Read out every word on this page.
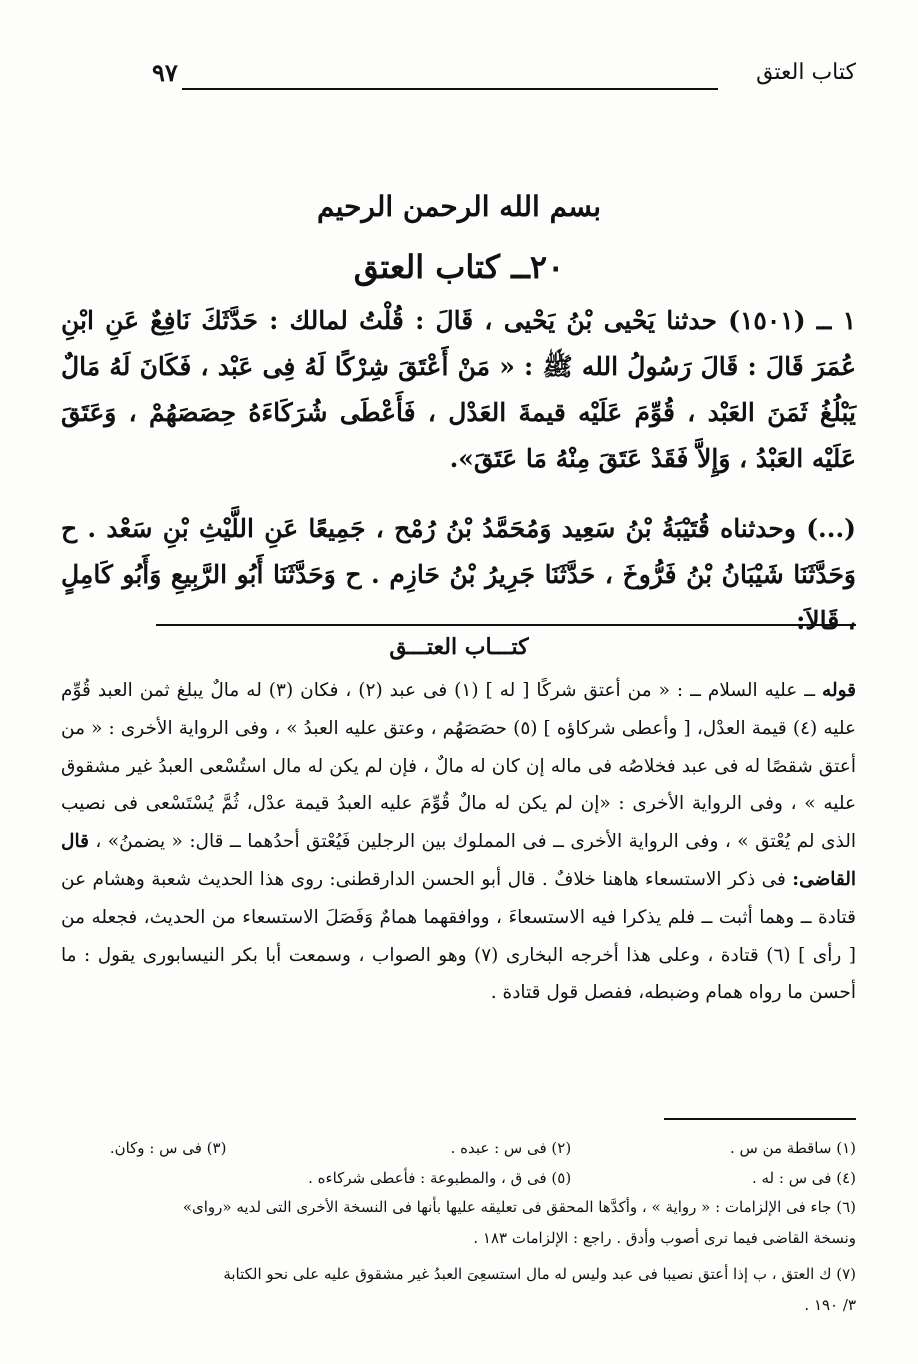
كتاب العتق
٩٧
بسم الله الرحمن الرحيم
٢٠ــ كتاب العتق
١ ــ (١٥٠١) حدثنا يَحْيى بْنُ يَحْيى ، قَالَ : قُلْتُ لمالك : حَدَّثَكَ نَافِعٌ عَنِ ابْنِ عُمَرَ قَالَ : قَالَ رَسُولُ الله ﷺ : « مَنْ أَعْتَقَ شِرْكًا لَهُ فِى عَبْد ، فَكَانَ لَهُ مَالٌ يَبْلُغُ ثَمَنَ العَبْد ، قُوِّمَ عَلَيْه قيمةَ العَدْل ، فَأَعْطَى شُرَكَاءَهُ حِصَصَهُمْ ، وَعَتَقَ عَلَيْه العَبْدُ ، وَإِلاَّ فَقَدْ عَتَقَ مِنْهُ مَا عَتَقَ».
(...) وحدثناه قُتَيْبَةُ بْنُ سَعِيد وَمُحَمَّدُ بْنُ رُمْح ، جَمِيعًا عَنِ اللَّيْثِ بْنِ سَعْد . ح وَحَدَّثَنَا شَيْبَانُ بْنُ فَرُّوخَ ، حَدَّثَنَا جَرِيرُ بْنُ حَازِم . ح وَحَدَّثَنَا أَبُو الرَّبِيعِ وَأَبُو كَامِلٍ ، قَالاَ:
كتـــاب العتـــق
قوله ــ عليه السلام ــ : « من أعتق شركًا [ له ] (١) فى عبد (٢) ، فكان (٣) له مالٌ يبلغ ثمن العبد قُوِّم عليه (٤) قيمة العدْل، [ وأعطى شركاؤه ] (٥) حصَصَهُم ، وعتق عليه العبدُ » ، وفى الرواية الأخرى : « من أعتق شقصًا له فى عبد فخلاصُه فى ماله إن كان له مالٌ ، فإن لم يكن له مال استُسْعى العبدُ غير مشقوق عليه » ، وفى الرواية الأخرى : «إن لم يكن له مالٌ قُوِّمَ عليه العبدُ قيمة عدْل، ثُمَّ يُسْتَسْعى فى نصيب الذى لم يُعْتق » ، وفى الرواية الأخرى ــ فى المملوك بين الرجلين فَيُعْتق أحدُهما ــ قال: « يضمنُ» ، قال القاضى: فى ذكر الاستسعاء هاهنا خلافٌ . قال أبو الحسن الدارقطنى: روى هذا الحديث شعبة وهشام عن قتادة ــ وهما أثبت ــ فلم يذكرا فيه الاستسعاءَ ، ووافقهما همامٌ وَفَصَلَ الاستسعاء من الحديث، فجعله من [ رأى ] (٦) قتادة ، وعلى هذا أخرجه البخارى (٧) وهو الصواب ، وسمعت أبا بكر النيسابورى يقول : ما أحسن ما رواه همام وضبطه، ففصل قول قتادة .
(١) ساقطة من س . (٢) فى س : عبده . (٣) فى س : وكان.
(٤) فى س : له . (٥) فى ق ، والمطبوعة : فأعطى شركاءه .
(٦) جاء فى الإلزامات : « رواية » ، وأكدَّها المحقق فى تعليقه عليها بأنها فى النسخة الأخرى التى لديه «رواى»
ونسخة القاضى فيما نرى أصوب وأدق . راجع : الإلزامات ١٨٣ .
(٧) ك العتق ، ب إذا أعتق نصيبا فى عبد وليس له مال استسعِىَ العبدُ غير مشقوق عليه على نحو الكتابة
٣/ ١٩٠ .
